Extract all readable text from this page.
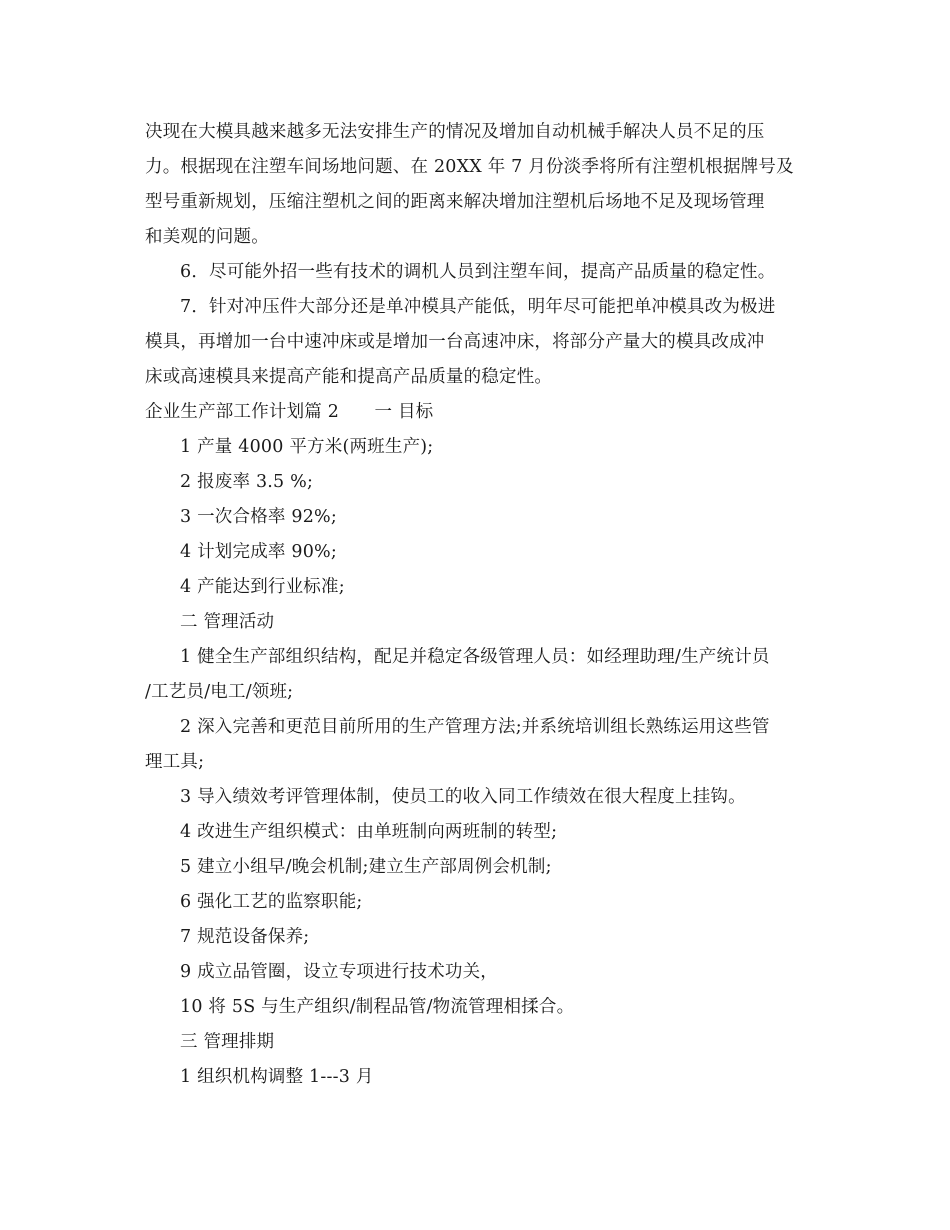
决现在大模具越来越多无法安排生产的情况及增加自动机械手解决人员不足的压
力。根据现在注塑车间场地问题、在 20XX 年 7 月份淡季将所有注塑机根据牌号及
型号重新规划，压缩注塑机之间的距离来解决增加注塑机后场地不足及现场管理
和美观的问题。
6．尽可能外招一些有技术的调机人员到注塑车间，提高产品质量的稳定性。
7．针对冲压件大部分还是单冲模具产能低，明年尽可能把单冲模具改为极进
模具，再增加一台中速冲床或是增加一台高速冲床，将部分产量大的模具改成冲
床或高速模具来提高产能和提高产品质量的稳定性。
企业生产部工作计划篇 2　　一 目标
1 产量 4000 平方米(两班生产);
2 报废率 3.5 %;
3 一次合格率 92%;
4 计划完成率 90%;
4 产能达到行业标准;
二 管理活动
1 健全生产部组织结构，配足并稳定各级管理人员：如经理助理/生产统计员
/工艺员/电工/领班;
2 深入完善和更范目前所用的生产管理方法;并系统培训组长熟练运用这些管
理工具;
3 导入绩效考评管理体制，使员工的收入同工作绩效在很大程度上挂钩。
4 改进生产组织模式：由单班制向两班制的转型;
5 建立小组早/晚会机制;建立生产部周例会机制;
6 强化工艺的监察职能;
7 规范设备保养;
9 成立品管圈，设立专项进行技术功关，
10 将 5S 与生产组织/制程品管/物流管理相揉合。
三 管理排期
1 组织机构调整 1---3 月
